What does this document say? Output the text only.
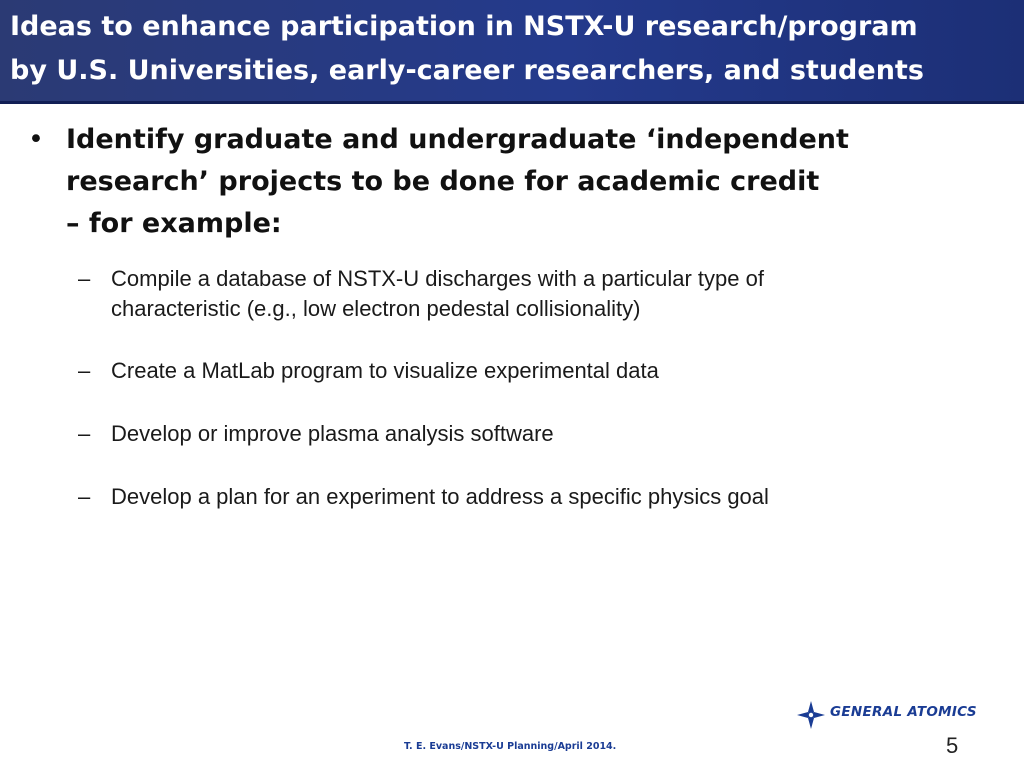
Ideas to enhance participation in NSTX-U research/program
by U.S. Universities, early-career researchers, and students
• Identify graduate and undergraduate ‘independent
research’ projects to be done for academic credit
– for example:
– Compile a database of NSTX-U discharges with a particular type of
characteristic (e.g., low electron pedestal collisionality)
– Create a MatLab program to visualize experimental data
– Develop or improve plasma analysis software
– Develop a plan for an experiment to address a specific physics goal
GENERAL ATOMICS
T. E. Evans/NSTX-U Planning/April 2014.	5
